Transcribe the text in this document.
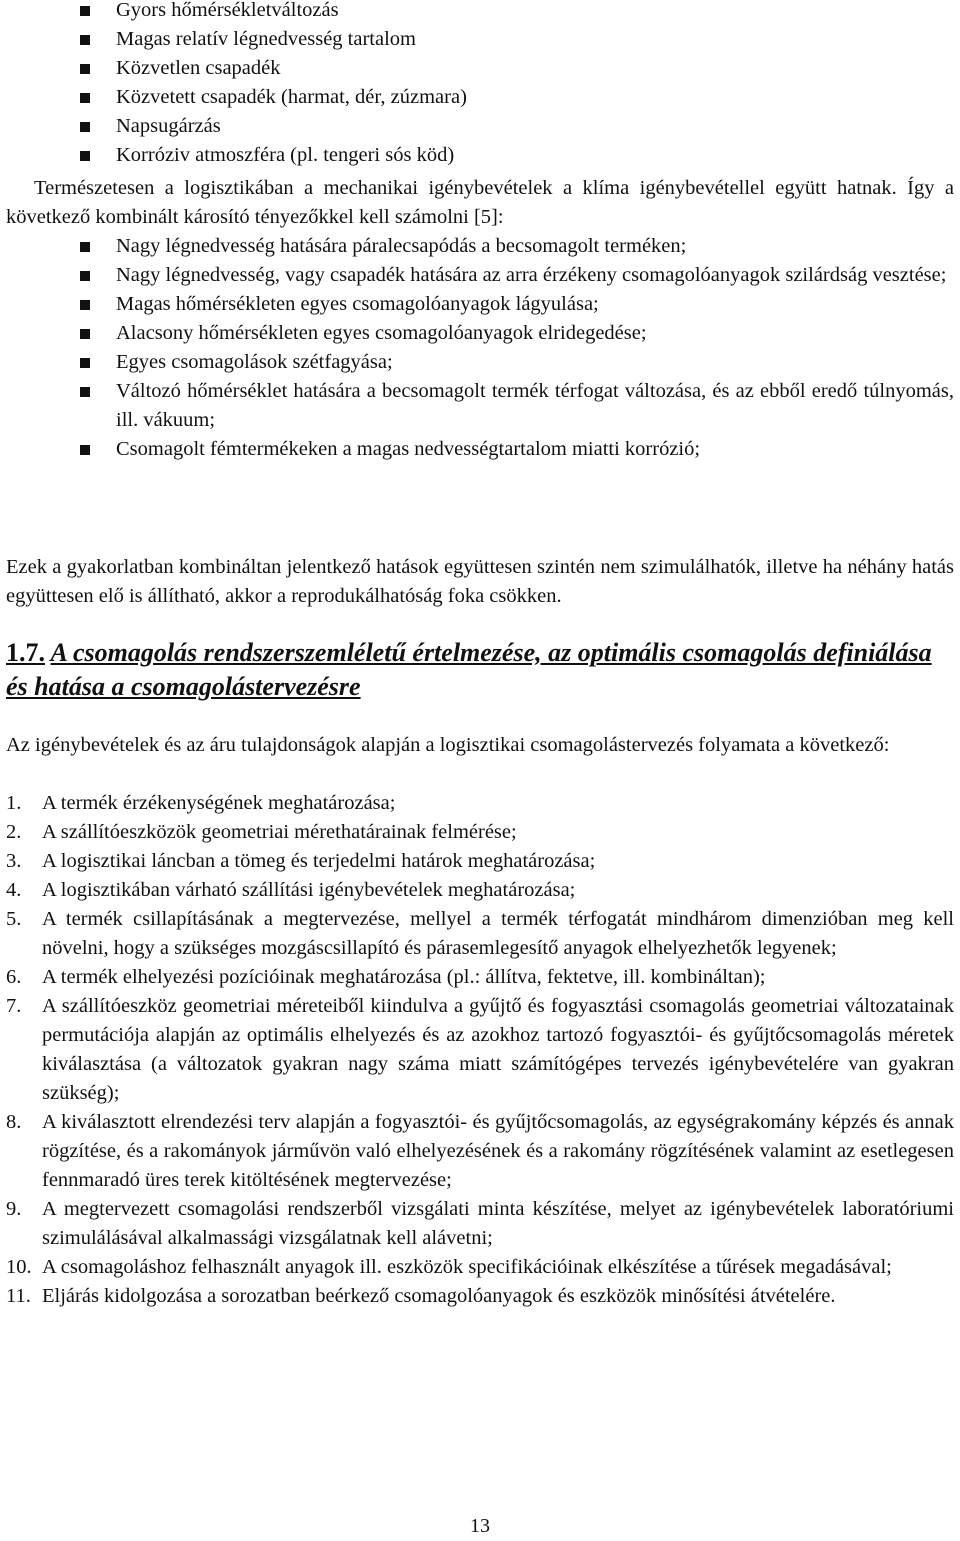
Gyors hőmérsékletváltozás
Magas relatív légnedvesség tartalom
Közvetlen csapadék
Közvetett csapadék (harmat, dér, zúzmara)
Napsugárzás
Korróziv atmoszféra (pl. tengeri sós köd)

Természetesen a logisztikában a mechanikai igénybevételek a klíma igénybevétellel együtt hatnak. Így a következő kombinált károsító tényezőkkel kell számolni [5]:

Nagy légnedvesség hatására páralecsapódás a becsomagolt terméken;
Nagy légnedvesség, vagy csapadék hatására az arra érzékeny csomagolóanyagok szilárdság vesztése;
Magas hőmérsékleten egyes csomagolóanyagok lágyulása;
Alacsony hőmérsékleten egyes csomagolóanyagok elridegedése;
Egyes csomagolások szétfagyása;
Változó hőmérséklet hatására a becsomagolt termék térfogat változása, és az ebből eredő túlnyomás, ill. vákuum;
Csomagolt fémtermékeken a magas nedvességtartalom miatti korrózió;

Ezek a gyakorlatban kombináltan jelentkező hatások együttesen szintén nem szimulálhatók, illetve ha néhány hatás együttesen elő is állítható, akkor a reprodukálhatóság foka csökken.

1.7. A csomagolás rendszerszemléletű értelmezése, az optimális csomagolás definiálása és hatása a csomagolástervezésre

Az igénybevételek és az áru tulajdonságok alapján a logisztikai csomagolástervezés folyamata a következő:

1. A termék érzékenységének meghatározása;
2. A szállítóeszközök geometriai mérethatárainak felmérése;
3. A logisztikai láncban a tömeg és terjedelmi határok meghatározása;
4. A logisztikában várható szállítási igénybevételek meghatározása;
5. A termék csillapításának a megtervezése, mellyel a termék térfogatát mindhárom dimenzióban meg kell növelni, hogy a szükséges mozgáscsillapító és párasemlegesítő anyagok elhelyezhetők legyenek;
6. A termék elhelyezési pozícióinak meghatározása (pl.: állítva, fektetve, ill. kombináltan);
7. A szállítóeszköz geometriai méreteiből kiindulva a gyűjtő és fogyasztási csomagolás geometriai változatainak permutációja alapján az optimális elhelyezés és az azokhoz tartozó fogyasztói- és gyűjtőcsomagolás méretek kiválasztása (a változatok gyakran nagy száma miatt számítógépes tervezés igénybevételére van gyakran szükség);
8. A kiválasztott elrendezési terv alapján a fogyasztói- és gyűjtőcsomagolás, az egységrakomány képzés és annak rögzítése, és a rakományok járművön való elhelyezésének és a rakomány rögzítésének valamint az esetlegesen fennmaradó üres terek kitöltésének megtervezése;
9. A megtervezett csomagolási rendszerből vizsgálati minta készítése, melyet az igénybevételek laboratóriumi szimulálásával alkalmassági vizsgálatnak kell alávetni;
10. A csomagoláshoz felhasznált anyagok ill. eszközök specifikációinak elkészítése a tűrések megadásával;
11. Eljárás kidolgozása a sorozatban beérkező csomagolóanyagok és eszközök minősítési átvételére.
13
